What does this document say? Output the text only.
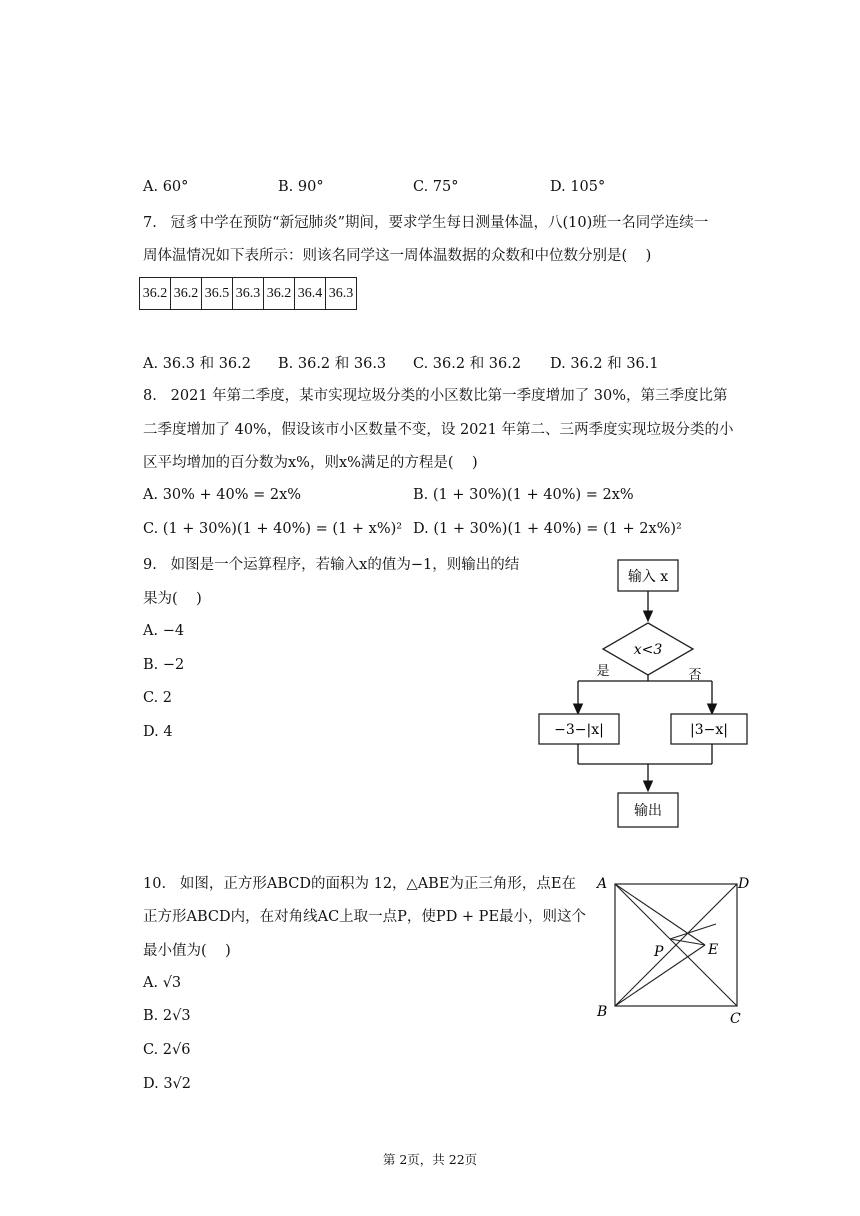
A. 60°	B. 90°	C. 75°	D. 105°
7.   冠豸中学在预防“新冠肺炎”期间，要求学生每日测量体温，八(10)班一名同学连续一
周体温情况如下表所示：则该名同学这一周体温数据的众数和中位数分别是(    )
36.2	36.2	36.5	36.3	36.2	36.4	36.3
A. 36.3 和 36.2 B. 36.2 和 36.3 C. 36.2 和 36.2 D. 36.2 和 36.1
8.   2021 年第二季度，某市实现垃圾分类的小区数比第一季度增加了 30%，第三季度比第
二季度增加了 40%，假设该市小区数量不变，设 2021 年第二、三两季度实现垃圾分类的小
区平均增加的百分数为x%，则x%满足的方程是(    )
A. 30% + 40% = 2x%	B. (1 + 30%)(1 + 40%) = 2x%
C. (1 + 30%)(1 + 40%) = (1 + x%)² D. (1 + 30%)(1 + 40%) = (1 + 2x%)²
9.   如图是一个运算程序，若输入x的值为−1，则输出的结
果为(    )
A. −4
B. −2
C. 2
D. 4
输入 x
x<3
是	否
−3−|x|	|3−x|
输出
10.   如图，正方形ABCD的面积为 12，△ABE为正三角形，点E在
正方形ABCD内，在对角线AC上取一点P，使PD + PE最小，则这个
最小值为(    )
A. √3
B. 2√3
C. 2√6
D. 3√2
A	D
B	C
P	E
第 2页，共 22页
